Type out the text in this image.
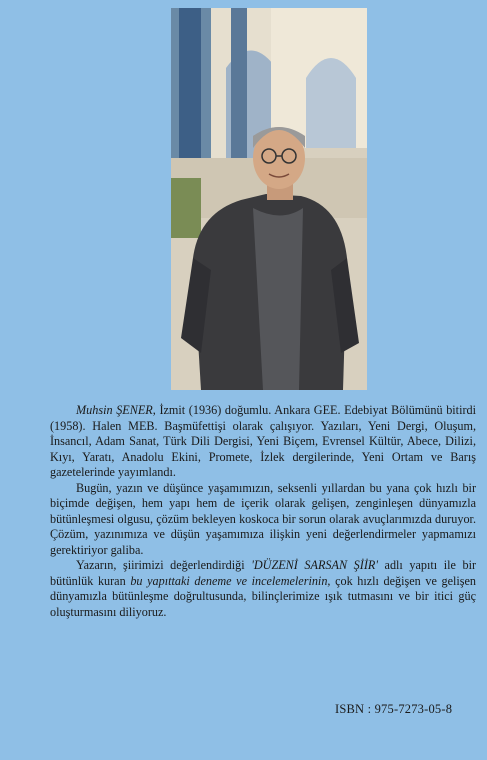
Muhsin ŞENER, İzmit (1936) doğumlu. Ankara GEE. Edebiyat Bölümünü bitirdi (1958). Halen MEB. Başmüfettişi olarak çalışıyor. Yazıları, Yeni Dergi, Oluşum, İnsancıl, Adam Sanat, Türk Dili Dergisi, Yeni Biçem, Evrensel Kültür, Abece, Dilizi, Kıyı, Yaratı, Anadolu Ekini, Promete, İzlek dergilerinde, Yeni Ortam ve Barış gazetelerinde yayımlandı.

Bugün, yazın ve düşünce yaşamımızın, seksenli yıllardan bu yana çok hızlı bir biçimde değişen, hem yapı hem de içerik olarak gelişen, zenginleşen dünyamızla bütünleşmesi olgusu, çözüm bekleyen koskoca bir sorun olarak avuçlarımızda duruyor. Çözüm, yazınımıza ve düşün yaşamımıza ilişkin yeni değerlendirmeler yapmamızı gerektiriyor galiba.

Yazarın, şiirimizi değerlendirdiği 'DÜZENİ SARSAN ŞİİR' adlı yapıtı ile bir bütünlük kuran bu yapıttaki deneme ve incelemelerinin, çok hızlı değişen ve gelişen dünyamızla bütünleşme doğrultusunda, bilinçlerimize ışık tutmasını ve bir itici güç oluşturmasını diliyoruz.

ISBN : 975-7273-05-8
